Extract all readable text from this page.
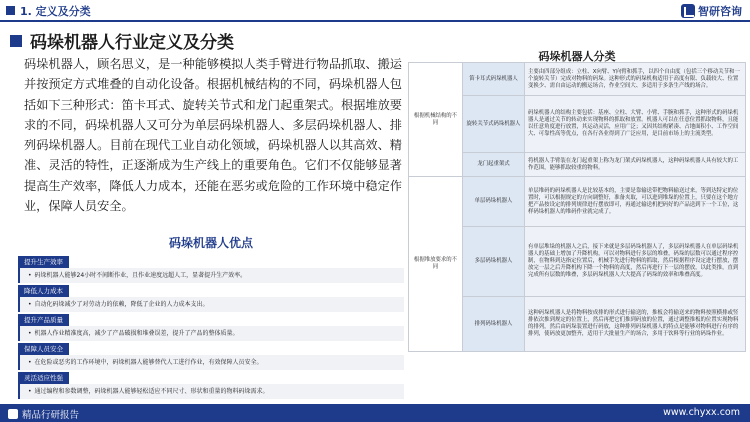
1. 定义及分类	智研咨询
码垛机器人行业定义及分类

码垛机器人，顾名思义，是一种能够模拟人类手臂进行物品抓取、搬运并按预定方式堆叠的自动化设备。根据机械结构的不同，码垛机器人包括如下三种形式：笛卡耳式、旋转关节式和龙门起重架式。根据堆放要求的不同，码垛机器人又可分为单层码垛机器人、多层码垛机器人、排列码垛机器人。目前在现代工业自动化领域，码垛机器人以其高效、精准、灵活的特性，正逐渐成为生产线上的重要角色。它们不仅能够显著提高生产效率，降低人力成本，还能在恶劣或危险的工作环境中稳定作业，保障人员安全。

码垛机器人优点
提升生产效率
• 码垛机器人能够24小时不间断作业，且作业速度远超人工，显著提升生产效率。
降低人力成本
• 自动化码垛减少了对劳动力的依赖，降低了企业的人力成本支出。
提升产品质量
• 机器人作业精准度高，减少了产品破损和堆叠误差，提升了产品的整体质量。
保障人员安全
• 在危险或恶劣的工作环境中，码垛机器人能够替代人工进行作业，有效保障人员安全。
灵活适应性强
• 通过编程和参数调整，码垛机器人能够轻松适应不同尺寸、形状和重量的物料码垛需求。
码垛机器人分类
根据机械结构的不同	笛卡耳式码垛机器人	主要由四部分组成：立柱、X向臂、Y向臂和抓手，以四个自由度（包括三个移动关节和一个旋转关节）完成对物料的码垛。这种形式的码垛机构适用于高度有限、负载较大、位置变换少、需自由运动的搬运场合，作业空间大、多适用于多条生产线的场合。
	旋转关节式码垛机器人	码垛机器人的结构主要包括：基座、立柱、大臂、小臂、手腕和抓手，这种形式的码垛机器人是通过关节的转动来实现物料的抓取和放置。机器人可以在任意位置抓取物料，且能以任意角度进行放置，其运动灵活，应用广泛；又因其结构紧凑、占地面积小、工作空间大、可靠性高等优点，在各行各业得到了广泛应用，是目前市场上的主流类型。
	龙门起重架式	将机器人手臂装在龙门起重架上称为龙门架式码垛机器人，这种码垛机器人具有较大的工作范围，能够抓取较重的物料。
根据堆放要求的不同	单层码垛机器人	单层堆码的码垛机器人是比较基本的，主要是靠输送带把物料输送过来，等到达特定的位置时，可以根据规定的方向调整好，准备夹取，可以进到堆垛的位置上，只要在这个地方把产品按设定的排列规律进行摆放即可，再通过输送机把码好的产品送到下一个工位，这样码垛机器人的堆码作业就完成了。
	多层码垛机器人	有单层堆垛的机器人之后，接下来就是多层码垛机器人了，多层码垛机器人在单层码垛机器人的基础上增加了升降机构，可以对物料进行多层的堆叠，码垛的层数可以通过程序控制，在物料到达指定位置后，机械手先进行物料的抓取，然后根据程序设定进行摆放，摆放完一层之后升降机构下降一个物料的高度，然后再进行下一层的摆放，以此类推，直到完成所有层数的堆叠，多层码垛机器人大大提高了码垛的效率和堆叠高度。
	排列码垛机器人	这种码垛机器人是将物料按成排的形式进行输送的，推板会将输送来的物料按照横排或竖排依次推到规定的位置上，然后再把它们推到码放的位置，通过调整推板的位置实现物料的排列，然后由码垛装置进行码放，这种排列码垛机器人的特点是能够对物料进行有序的排列，使码放更加整齐，适用于大批量生产的场合，多用于饮料等行业的码垛作业。
精品行研报告	www.chyxx.com
